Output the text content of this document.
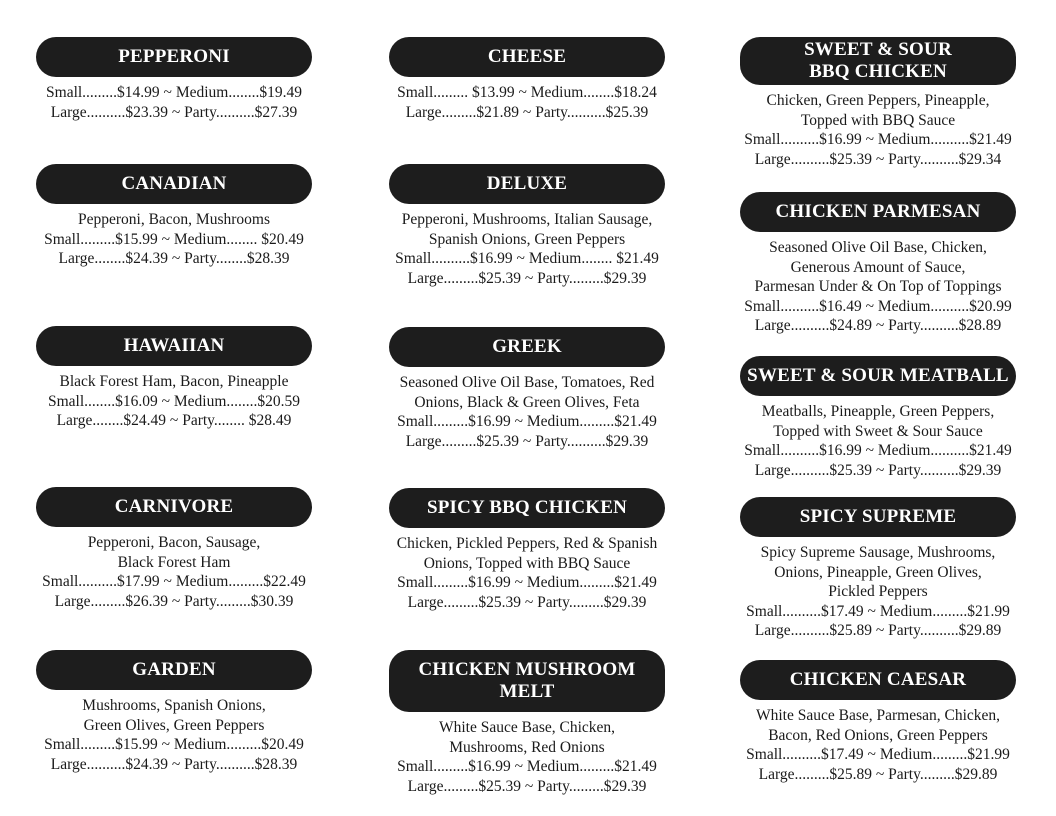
PEPPERONI
Small.........$14.99 ~ Medium........$19.49
Large..........$23.39 ~ Party..........$27.39
CANADIAN
Pepperoni, Bacon, Mushrooms
Small.........$15.99 ~ Medium........ $20.49
Large........$24.39 ~ Party........$28.39
HAWAIIAN
Black Forest Ham, Bacon, Pineapple
Small........$16.09 ~ Medium........$20.59
Large........$24.49 ~ Party........ $28.49
CARNIVORE
Pepperoni, Bacon, Sausage,
Black Forest Ham
Small..........$17.99 ~ Medium.........$22.49
Large.........$26.39 ~ Party.........$30.39
GARDEN
Mushrooms, Spanish Onions,
Green Olives, Green Peppers
Small.........$15.99 ~ Medium.........$20.49
Large..........$24.39 ~ Party..........$28.39
CHEESE
Small......... $13.99 ~ Medium........$18.24
Large.........$21.89 ~ Party..........$25.39
DELUXE
Pepperoni, Mushrooms, Italian Sausage,
Spanish Onions, Green Peppers
Small..........$16.99 ~ Medium........ $21.49
Large.........$25.39 ~ Party.........$29.39
GREEK
Seasoned Olive Oil Base, Tomatoes, Red
Onions, Black & Green Olives, Feta
Small.........$16.99 ~ Medium.........$21.49
Large.........$25.39 ~ Party..........$29.39
SPICY BBQ CHICKEN
Chicken, Pickled Peppers, Red & Spanish
Onions, Topped with BBQ Sauce
Small.........$16.99 ~ Medium.........$21.49
Large.........$25.39 ~ Party.........$29.39
CHICKEN MUSHROOM MELT
White Sauce Base, Chicken,
Mushrooms, Red Onions
Small.........$16.99 ~ Medium.........$21.49
Large.........$25.39 ~ Party.........$29.39
SWEET & SOUR
BBQ CHICKEN
Chicken, Green Peppers, Pineapple,
Topped with BBQ Sauce
Small..........$16.99 ~ Medium..........$21.49
Large..........$25.39 ~ Party..........$29.34
CHICKEN PARMESAN
Seasoned Olive Oil Base, Chicken,
Generous Amount of Sauce,
Parmesan Under & On Top of Toppings
Small..........$16.49 ~ Medium..........$20.99
Large..........$24.89 ~ Party..........$28.89
SWEET & SOUR MEATBALL
Meatballs, Pineapple, Green Peppers,
Topped with Sweet & Sour Sauce
Small..........$16.99 ~ Medium..........$21.49
Large..........$25.39 ~ Party..........$29.39
SPICY SUPREME
Spicy Supreme Sausage, Mushrooms,
Onions, Pineapple, Green Olives,
Pickled Peppers
Small..........$17.49 ~ Medium.........$21.99
Large..........$25.89 ~ Party..........$29.89
CHICKEN CAESAR
White Sauce Base, Parmesan, Chicken,
Bacon, Red Onions, Green Peppers
Small..........$17.49 ~ Medium.........$21.99
Large.........$25.89 ~ Party.........$29.89
